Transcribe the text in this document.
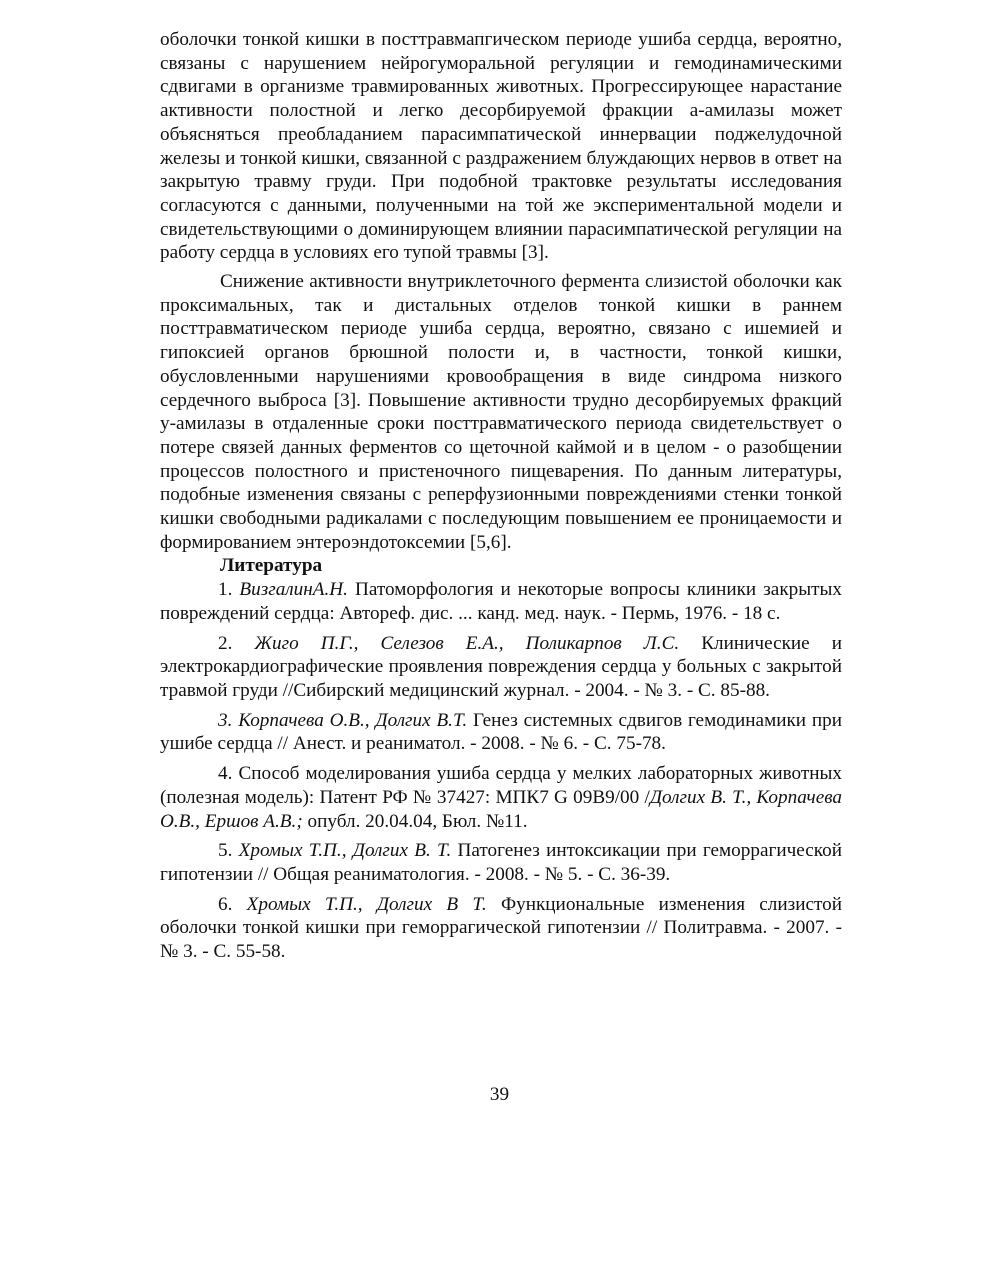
оболочки тонкой кишки в посттравмапгическом периоде ушиба сердца, вероятно, связаны с нарушением нейрогуморальной регуляции и гемодинамическими сдвигами в организме травмированных животных. Прогрессирующее нарастание активности полостной и легко десорбируемой фракции а-амилазы может объясняться преобладанием парасимпатической иннервации поджелудочной железы и тонкой кишки, связанной с раздражением блуждающих нервов в ответ на закрытую травму груди. При подобной трактовке результаты исследования согласуются с данными, полученными на той же экспериментальной модели и свидетельствующими о доминирующем влиянии парасимпатической регуляции на работу сердца в условиях его тупой травмы [3].

Снижение активности внутриклеточного фермента слизистой оболочки как проксимальных, так и дистальных отделов тонкой кишки в раннем посттравматическом периоде ушиба сердца, вероятно, связано с ишемией и гипоксией органов брюшной полости и, в частности, тонкой кишки, обусловленными нарушениями кровообращения в виде синдрома низкого сердечного выброса [3]. Повышение активности трудно десорбируемых фракций у-амилазы в отдаленные сроки посттравматического периода свидетельствует о потере связей данных ферментов со щеточной каймой и в целом - о разобщении процессов полостного и пристеночного пищеварения. По данным литературы, подобные изменения связаны с реперфузионными повреждениями стенки тонкой кишки свободными радикалами с последующим повышением ее проницаемости и формированием энтероэндотоксемии [5,6].

Литература

1. ВизгалинА.Н. Патоморфология и некоторые вопросы клиники закрытых повреждений сердца: Автореф. дис. ... канд. мед. наук. - Пермь, 1976. - 18 с.

2. Жиго П.Г., Селезов Е.А., Поликарпов Л.С. Клинические и электрокардиографические проявления повреждения сердца у больных с закрытой травмой груди //Сибирский медицинский журнал. - 2004. - № 3. - С. 85-88.

3. Корпачева О.В., Долгих В.Т. Генез системных сдвигов гемодинамики при ушибе сердца // Анест. и реаниматол. - 2008. - № 6. - С. 75-78.

4. Способ моделирования ушиба сердца у мелких лабораторных животных (полезная модель): Патент РФ № 37427: МПК7 G 09В9/00 /Долгих В. Т., Корпачева О.В., Ершов А.В.; опубл. 20.04.04, Бюл. №11.

5. Хромых Т.П., Долгих В. Т. Патогенез интоксикации при геморрагической гипотензии // Общая реаниматология. - 2008. - № 5. - С. 36-39.

6. Хромых Т.П., Долгих В Т. Функциональные изменения слизистой оболочки тонкой кишки при геморрагической гипотензии // Политравма. - 2007. - № 3. - С. 55-58.

39
